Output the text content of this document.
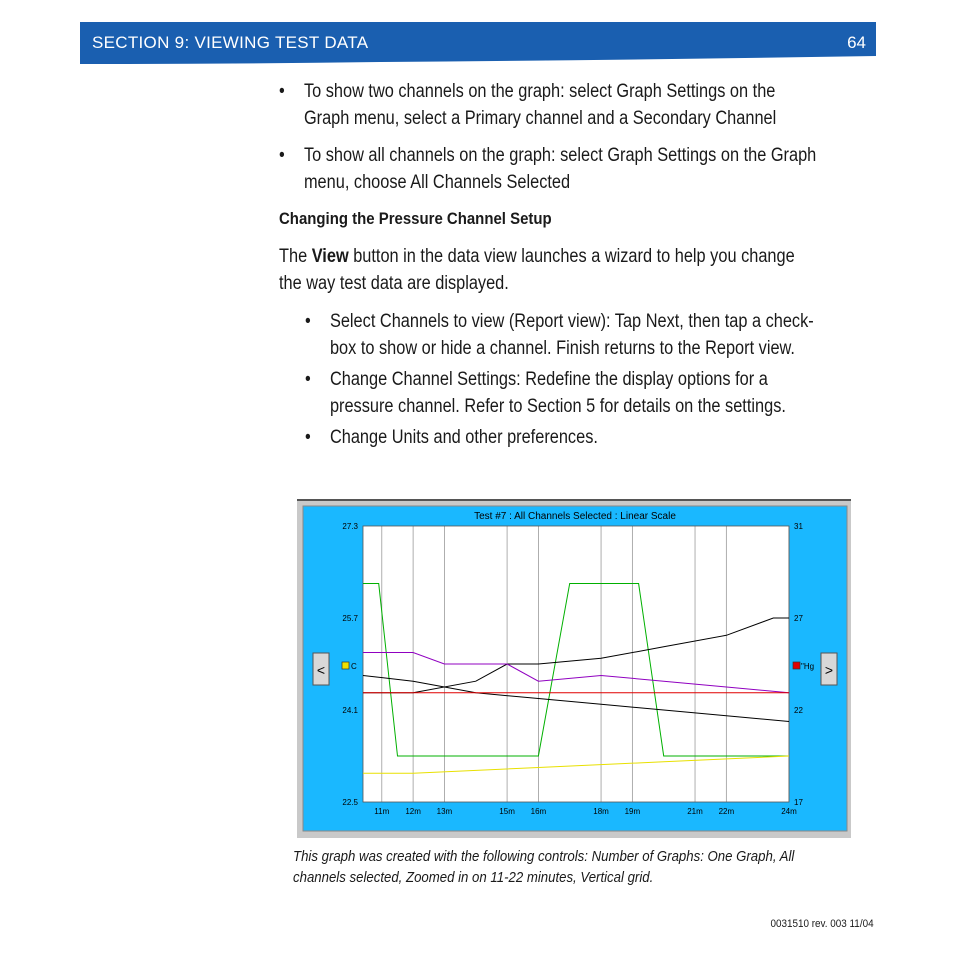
SECTION 9: VIEWING TEST DATA	64
• To show two channels on the graph: select Graph Settings on the
Graph menu, select a Primary channel and a Secondary Channel
• To show all channels on the graph: select Graph Settings on the Graph
menu, choose All Channels Selected
Changing the Pressure Channel Setup
The View button in the data view launches a wizard to help you change
the way test data are displayed.
• Select Channels to view (Report view): Tap Next, then tap a check-
box to show or hide a channel. Finish returns to the Report view.
• Change Channel Settings: Redefine the display options for a
pressure channel. Refer to Section 5 for details on the settings.
• Change Units and other preferences.
Test #7 : All Channels Selected : Linear Scale
11m 12m 13m	15m 16m	18m 19m	21m 22m	24m
27.3
25.7
24.1
22.5
31
27
22
17
<	>
C	"Hg
This graph was created with the following controls: Number of Graphs: One Graph, All
channels selected, Zoomed in on 11-22 minutes, Vertical grid.
0031510 rev. 003 11/04
